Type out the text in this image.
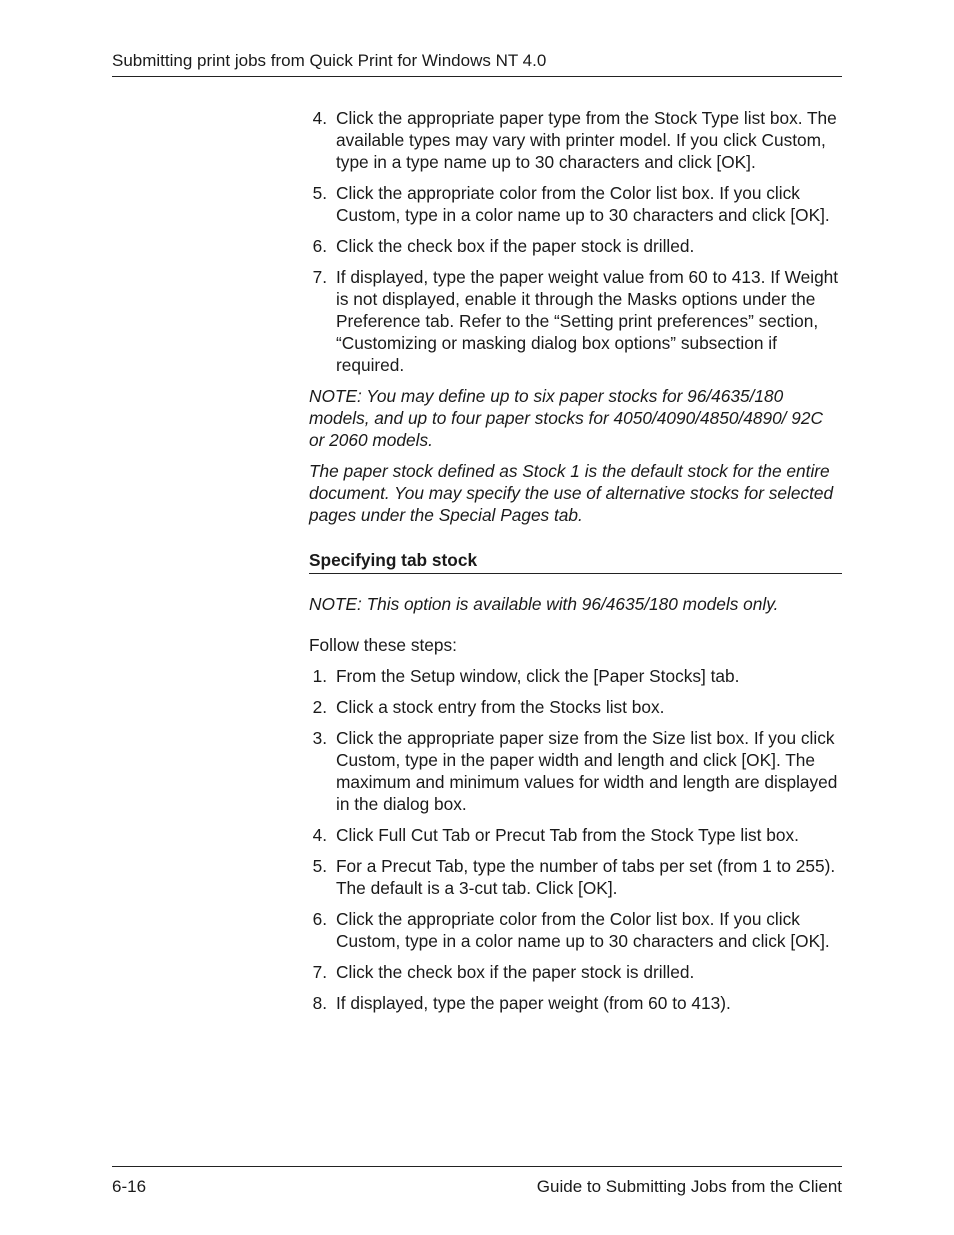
Submitting print jobs from Quick Print for Windows NT 4.0
4. Click the appropriate paper type from the Stock Type list box. The available types may vary with printer model. If you click Custom, type in a type name up to 30 characters and click [OK].
5. Click the appropriate color from the Color list box. If you click Custom, type in a color name up to 30 characters and click [OK].
6. Click the check box if the paper stock is drilled.
7. If displayed, type the paper weight value from 60 to 413. If Weight is not displayed, enable it through the Masks options under the Preference tab. Refer to the “Setting print preferences” section, “Customizing or masking dialog box options” subsection if required.

NOTE: You may define up to six paper stocks for 96/4635/180 models, and up to four paper stocks for 4050/4090/4850/4890/ 92C or 2060 models.

The paper stock defined as Stock 1 is the default stock for the entire document. You may specify the use of alternative stocks for selected pages under the Special Pages tab.

Specifying tab stock

NOTE: This option is available with 96/4635/180 models only.

Follow these steps:

1. From the Setup window, click the [Paper Stocks] tab.
2. Click a stock entry from the Stocks list box.
3. Click the appropriate paper size from the Size list box. If you click Custom, type in the paper width and length and click [OK]. The maximum and minimum values for width and length are displayed in the dialog box.
4. Click Full Cut Tab or Precut Tab from the Stock Type list box.
5. For a Precut Tab, type the number of tabs per set (from 1 to 255). The default is a 3-cut tab. Click [OK].
6. Click the appropriate color from the Color list box. If you click Custom, type in a color name up to 30 characters and click [OK].
7. Click the check box if the paper stock is drilled.
8. If displayed, type the paper weight (from 60 to 413).
6-16	Guide to Submitting Jobs from the Client
